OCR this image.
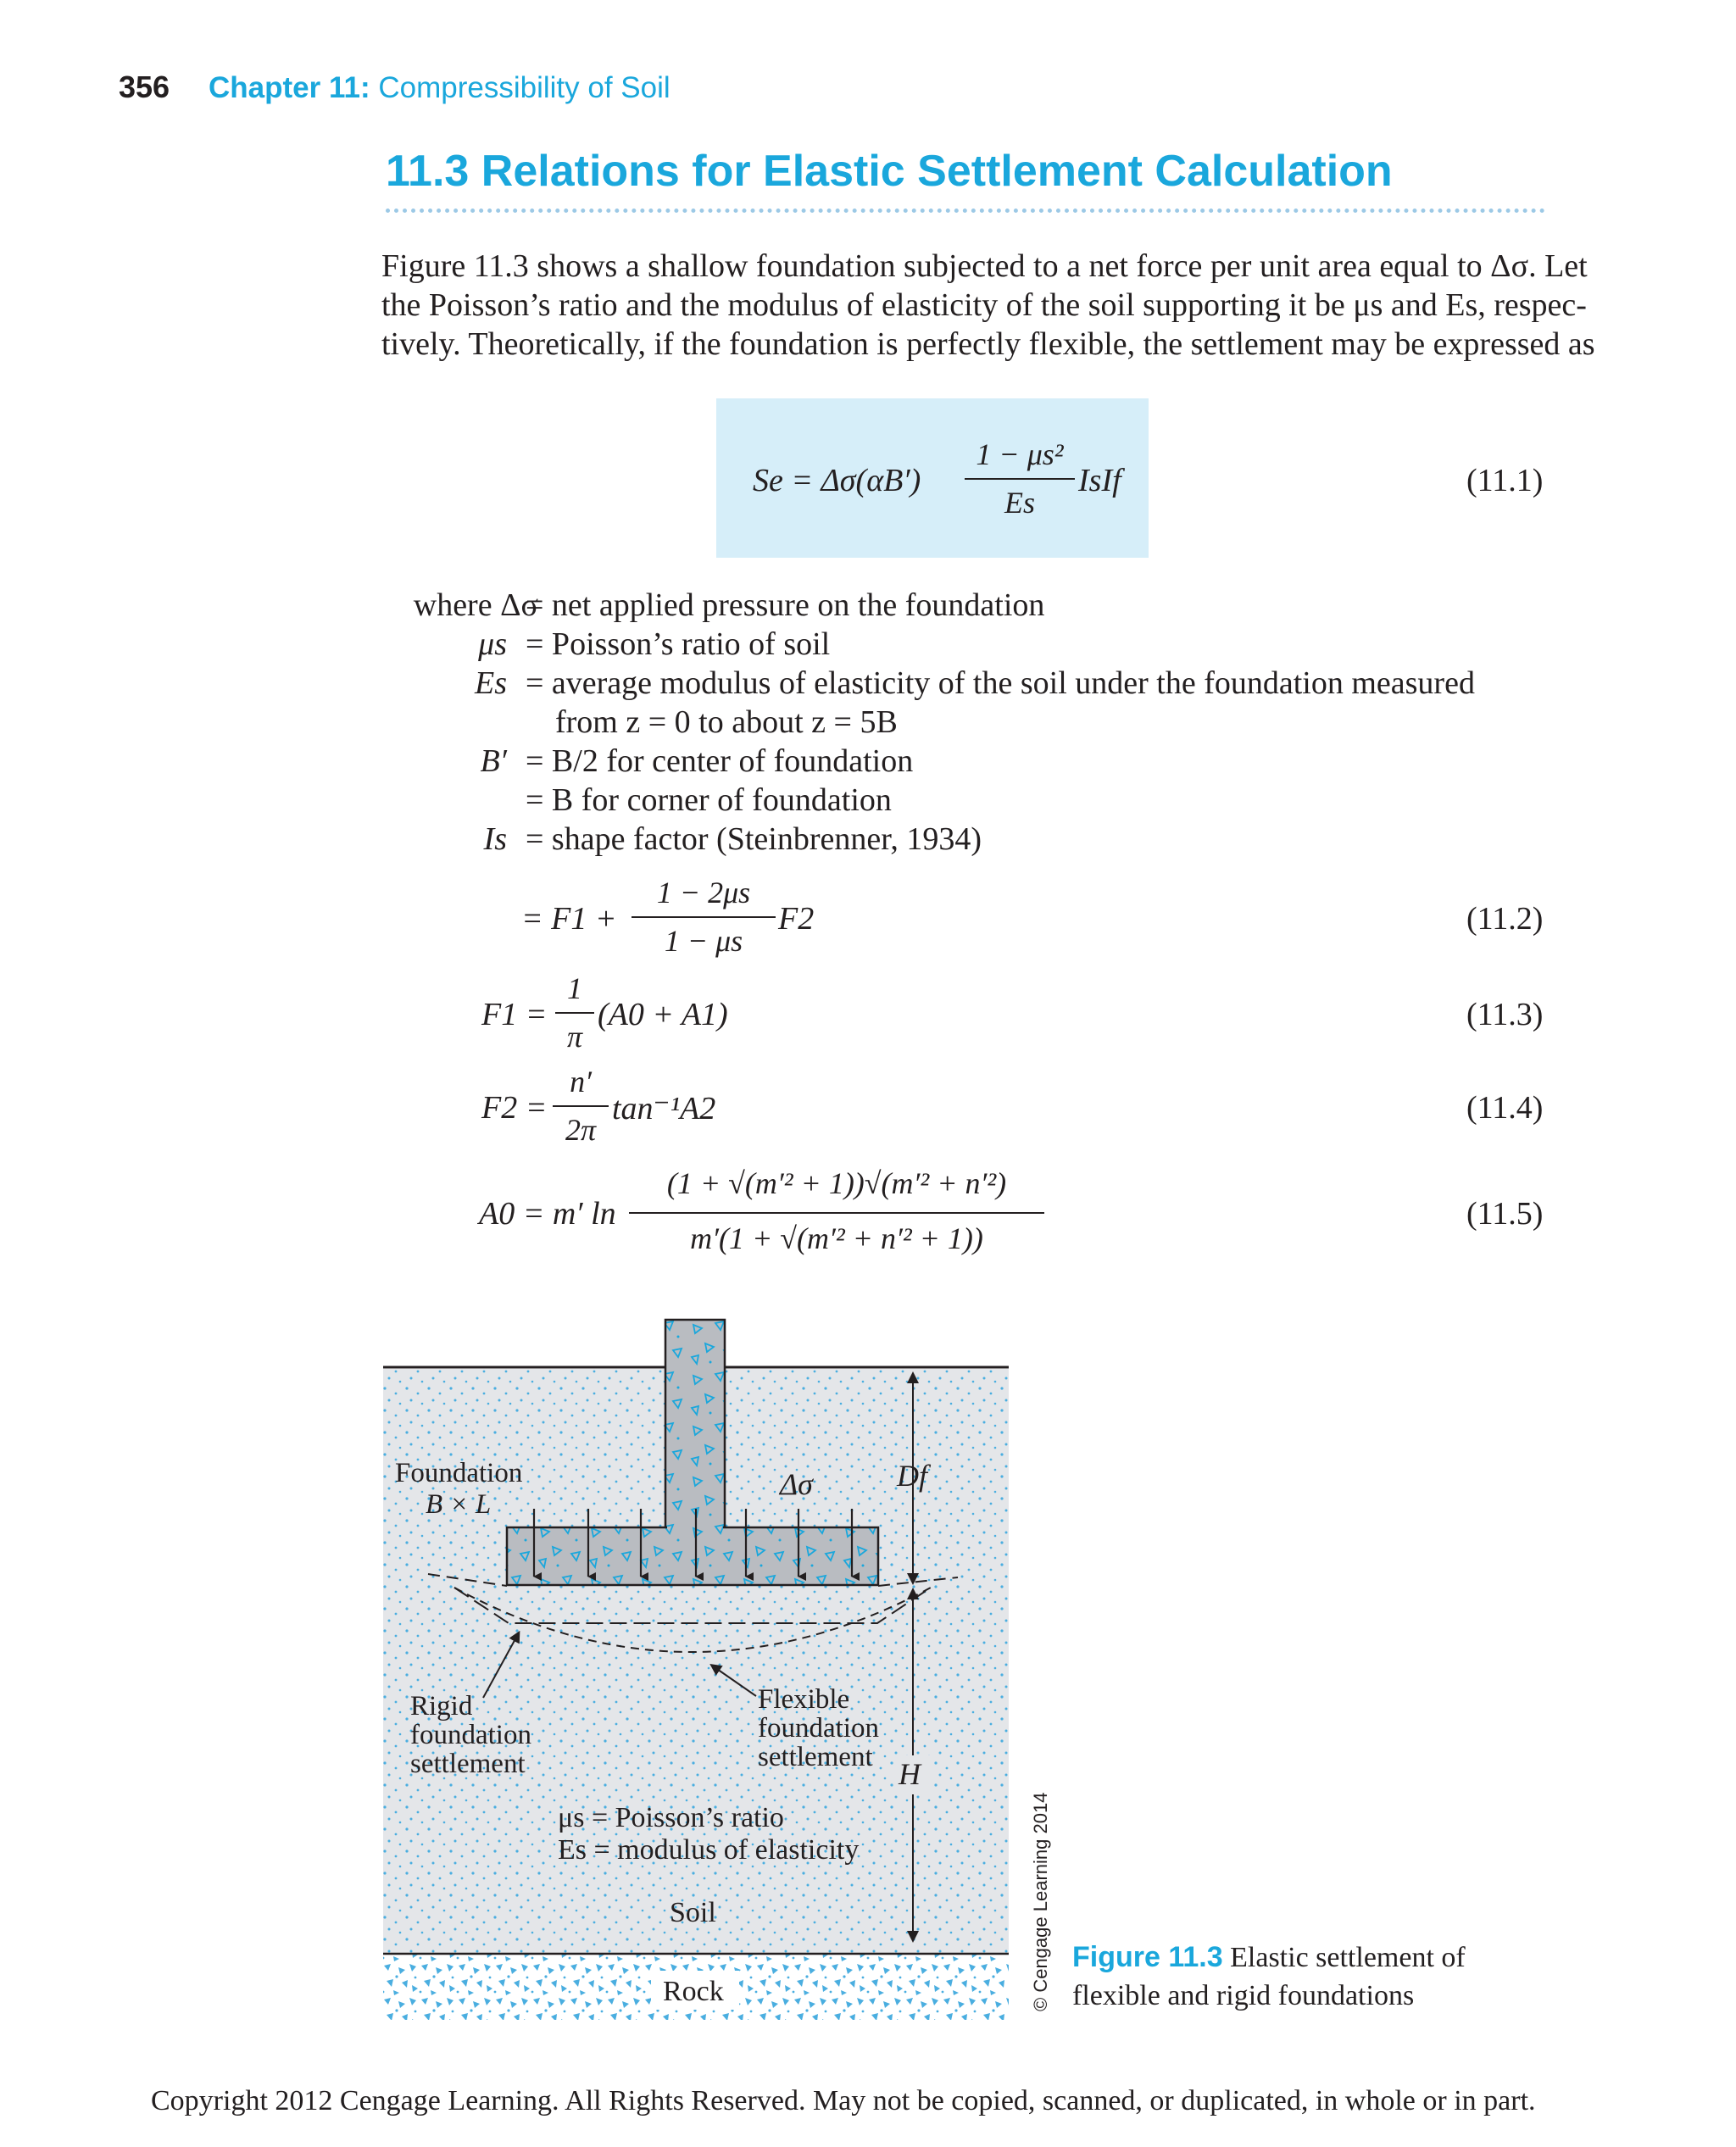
356 Chapter 11: Compressibility of Soil
11.3 Relations for Elastic Settlement Calculation
Figure 11.3 shows a shallow foundation subjected to a net force per unit area equal to Δσ. Let
the Poisson’s ratio and the modulus of elasticity of the soil supporting it be μs and Es, respec-
tively. Theoretically, if the foundation is perfectly flexible, the settlement may be expressed as
Se = Δσ(αB′)
1 − μs²
Es
IsIf	(11.1)
where Δσ
= net applied pressure on the foundation
μs = Poisson’s ratio of soil
Es = average modulus of elasticity of the soil under the foundation measured
from z = 0 to about z = 5B
B′ = B/2 for center of foundation
= B for corner of foundation
Is = shape factor (Steinbrenner, 1934)
= F1 +
1 − 2μs
1 − μs
F2	(11.2)
F1 =
1
π
(A0 + A1)	(11.3)
F2 =
n′
2π
tan⁻¹A2	(11.4)
A0 = m′ ln
(1 + √(m′² + 1))√(m′² + n′²)
m′(1 + √(m′² + n′² + 1))
(11.5)
Foundation
B × L
Δσ	Df
Rigid
foundation
settlement
Flexible
foundation
settlement H
μs = Poisson’s ratio
Es = modulus of elasticity
Soil
Rock	© Cengage Learning 2014 Figure 11.3 Elastic settlement of
flexible and rigid foundations
Copyright 2012 Cengage Learning. All Rights Reserved. May not be copied, scanned, or duplicated, in whole or in part.
